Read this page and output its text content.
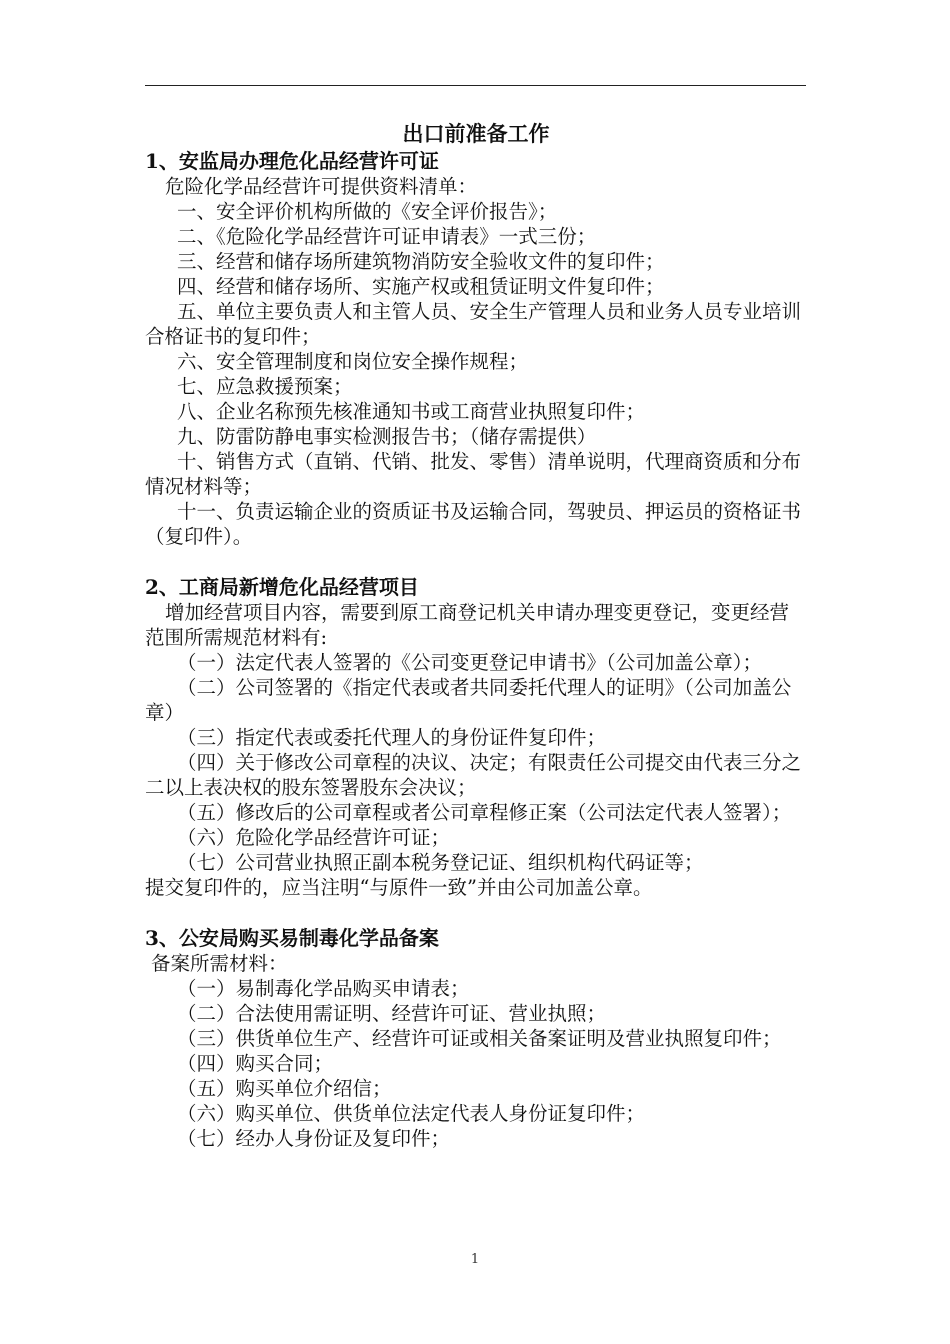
出口前准备工作
1、安监局办理危化品经营许可证
危险化学品经营许可提供资料清单：
一、安全评价机构所做的《安全评价报告》；
二、《危险化学品经营许可证申请表》一式三份；
三、经营和储存场所建筑物消防安全验收文件的复印件；
四、经营和储存场所、实施产权或租赁证明文件复印件；
五、单位主要负责人和主管人员、安全生产管理人员和业务人员专业培训合格证书的复印件；
六、安全管理制度和岗位安全操作规程；
七、应急救援预案；
八、企业名称预先核准通知书或工商营业执照复印件；
九、防雷防静电事实检测报告书；（储存需提供）
十、销售方式（直销、代销、批发、零售）清单说明，代理商资质和分布情况材料等；
十一、负责运输企业的资质证书及运输合同，驾驶员、押运员的资格证书（复印件）。
2、工商局新增危化品经营项目
增加经营项目内容，需要到原工商登记机关申请办理变更登记，变更经营范围所需规范材料有:
（一）法定代表人签署的《公司变更登记申请书》（公司加盖公章）；
（二）公司签署的《指定代表或者共同委托代理人的证明》（公司加盖公章）
（三）指定代表或委托代理人的身份证件复印件；
（四）关于修改公司章程的决议、决定；有限责任公司提交由代表三分之二以上表决权的股东签署股东会决议；
（五）修改后的公司章程或者公司章程修正案（公司法定代表人签署）；
（六）危险化学品经营许可证；
（七）公司营业执照正副本税务登记证、组织机构代码证等；
提交复印件的，应当注明“与原件一致”并由公司加盖公章。
3、公安局购买易制毒化学品备案
备案所需材料：
（一）易制毒化学品购买申请表；
（二）合法使用需证明、经营许可证、营业执照；
（三）供货单位生产、经营许可证或相关备案证明及营业执照复印件；
（四）购买合同；
（五）购买单位介绍信；
（六）购买单位、供货单位法定代表人身份证复印件；
（七）经办人身份证及复印件；
1
